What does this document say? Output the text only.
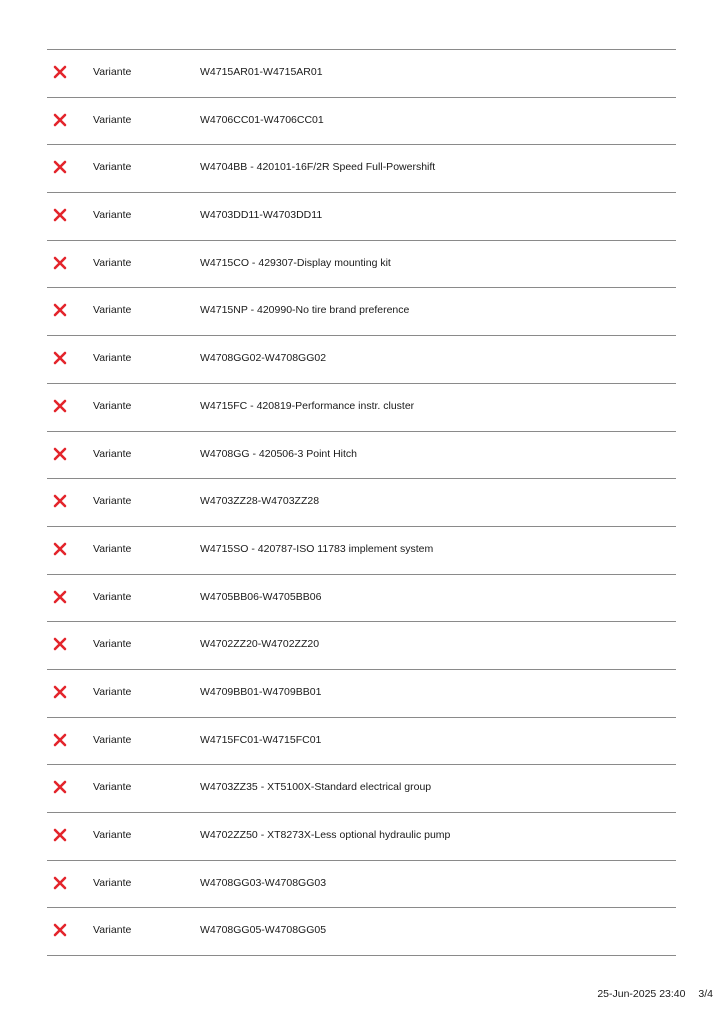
Variante	W4715AR01-W4715AR01
Variante	W4706CC01-W4706CC01
Variante	W4704BB - 420101-16F/2R Speed Full-Powershift
Variante	W4703DD11-W4703DD11
Variante	W4715CO - 429307-Display mounting kit
Variante	W4715NP - 420990-No tire brand preference
Variante	W4708GG02-W4708GG02
Variante	W4715FC - 420819-Performance instr. cluster
Variante	W4708GG - 420506-3 Point Hitch
Variante	W4703ZZ28-W4703ZZ28
Variante	W4715SO - 420787-ISO 11783 implement system
Variante	W4705BB06-W4705BB06
Variante	W4702ZZ20-W4702ZZ20
Variante	W4709BB01-W4709BB01
Variante	W4715FC01-W4715FC01
Variante	W4703ZZ35 - XT5100X-Standard electrical group
Variante	W4702ZZ50 - XT8273X-Less optional hydraulic pump
Variante	W4708GG03-W4708GG03
Variante	W4708GG05-W4708GG05
25-Jun-2025 23:40 3/4
